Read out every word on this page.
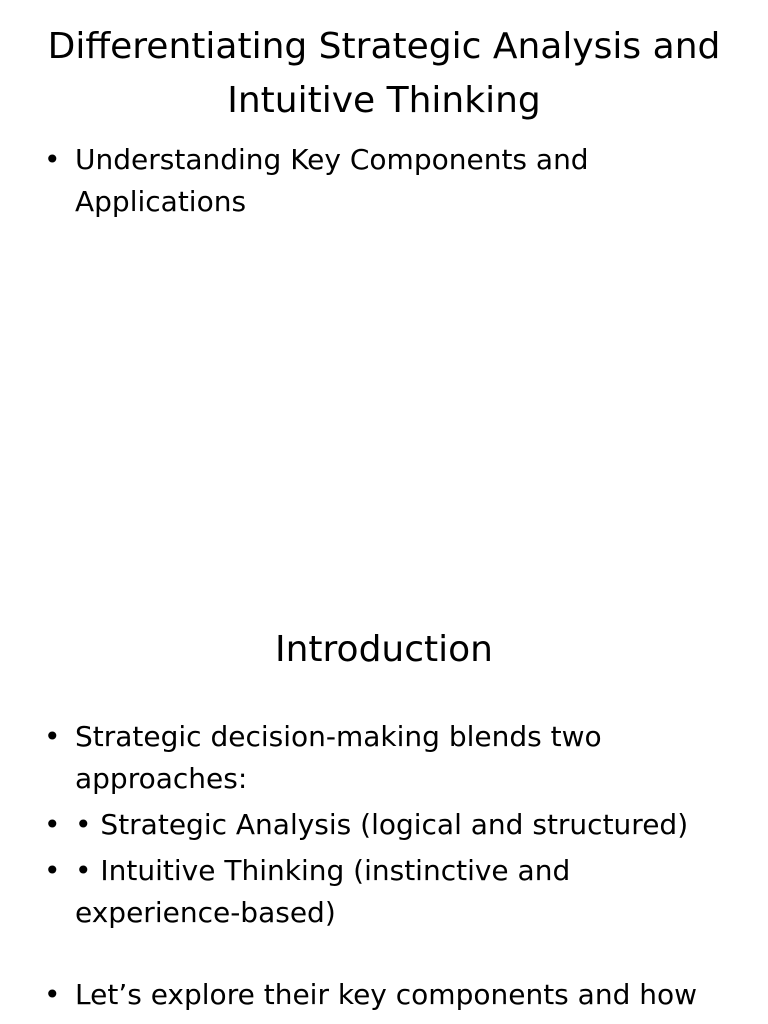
Differentiating Strategic Analysis and Intuitive Thinking
• Understanding Key Components and Applications
Introduction
• Strategic decision-making blends two approaches:
• • Strategic Analysis (logical and structured)
• • Intuitive Thinking (instinctive and experience-based)
• Let’s explore their key components and how
